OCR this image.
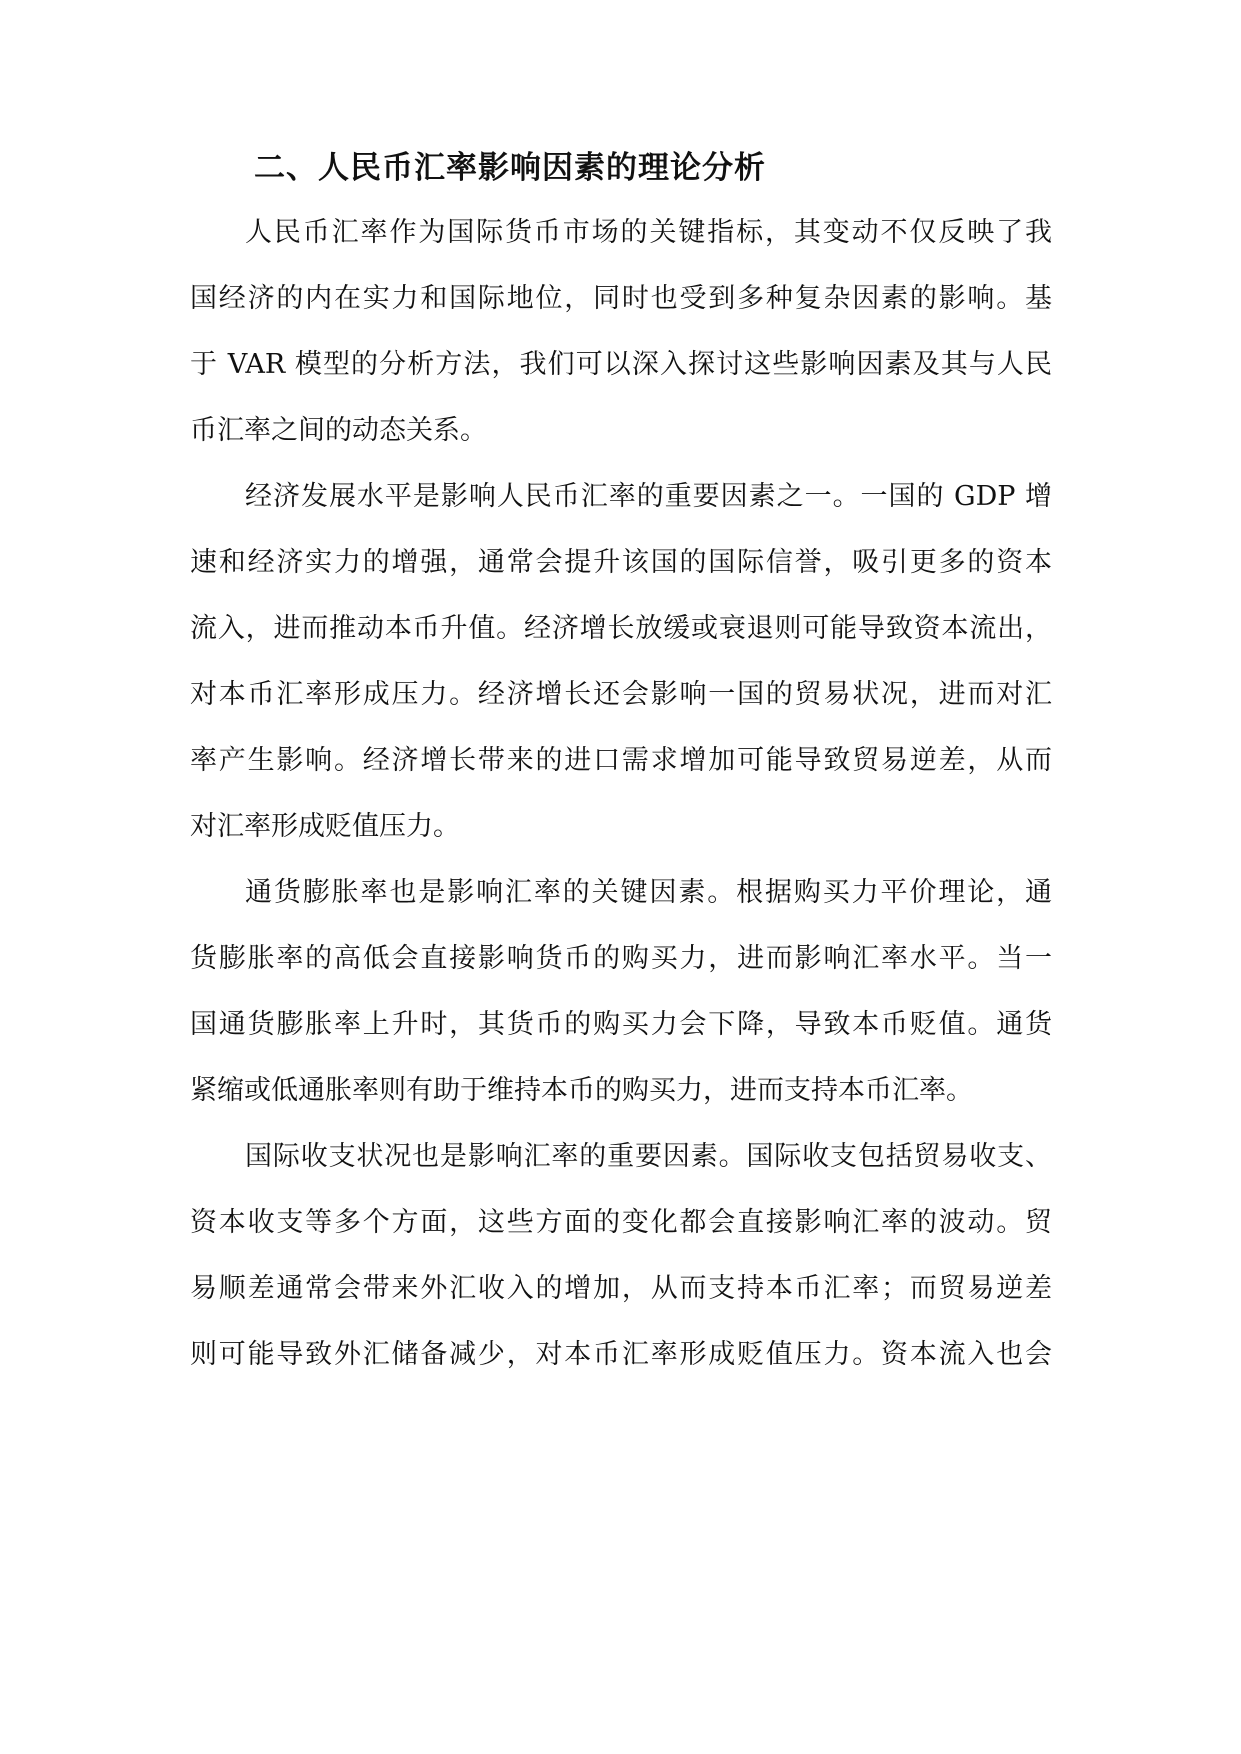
二、人民币汇率影响因素的理论分析

人民币汇率作为国际货币市场的关键指标，其变动不仅反映了我

国经济的内在实力和国际地位，同时也受到多种复杂因素的影响。基

于 VAR 模型的分析方法，我们可以深入探讨这些影响因素及其与人民

币汇率之间的动态关系。

经济发展水平是影响人民币汇率的重要因素之一。一国的 GDP 增

速和经济实力的增强，通常会提升该国的国际信誉，吸引更多的资本

流入，进而推动本币升值。经济增长放缓或衰退则可能导致资本流出，

对本币汇率形成压力。经济增长还会影响一国的贸易状况，进而对汇

率产生影响。经济增长带来的进口需求增加可能导致贸易逆差，从而

对汇率形成贬值压力。

通货膨胀率也是影响汇率的关键因素。根据购买力平价理论，通

货膨胀率的高低会直接影响货币的购买力，进而影响汇率水平。当一

国通货膨胀率上升时，其货币的购买力会下降，导致本币贬值。通货

紧缩或低通胀率则有助于维持本币的购买力，进而支持本币汇率。

国际收支状况也是影响汇率的重要因素。国际收支包括贸易收支、

资本收支等多个方面，这些方面的变化都会直接影响汇率的波动。贸

易顺差通常会带来外汇收入的增加，从而支持本币汇率；而贸易逆差

则可能导致外汇储备减少，对本币汇率形成贬值压力。资本流入也会
